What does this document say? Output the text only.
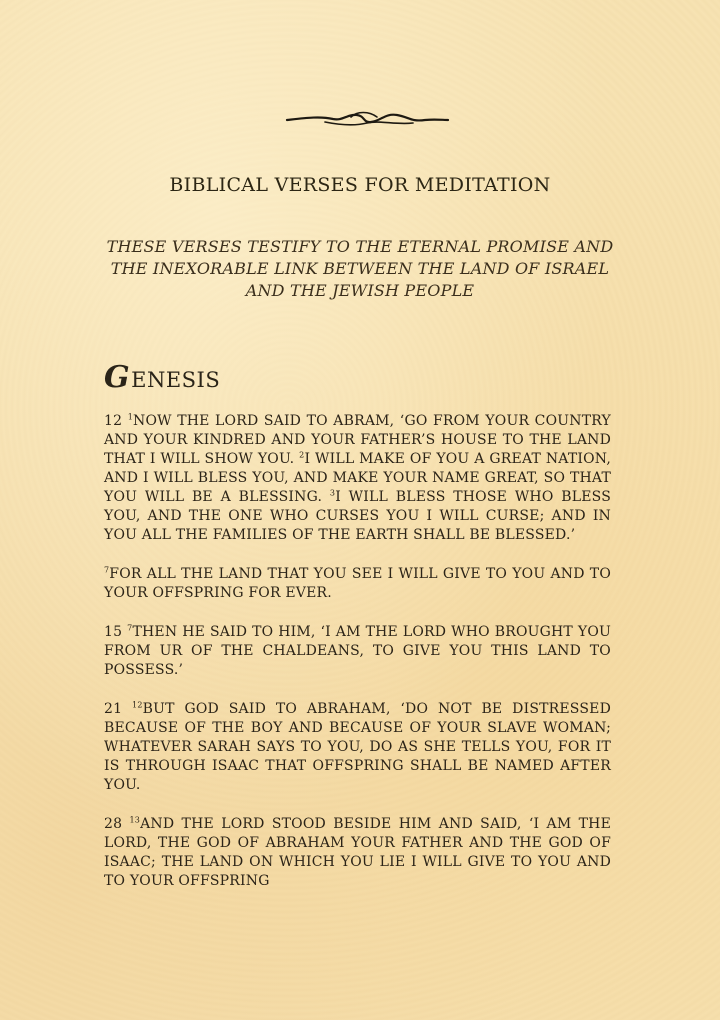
BIBLICAL VERSES FOR MEDITATION
THESE VERSES TESTIFY TO THE ETERNAL PROMISE AND THE INEXORABLE LINK BETWEEN THE LAND OF ISRAEL AND THE JEWISH PEOPLE
GENESIS

12 $^1$NOW THE LORD SAID TO ABRAM, ‘GO FROM YOUR COUNTRY AND YOUR KINDRED AND YOUR FATHER’S HOUSE TO THE LAND THAT I WILL SHOW YOU. $^2$I WILL MAKE OF YOU A GREAT NATION, AND I WILL BLESS YOU, AND MAKE YOUR NAME GREAT, SO THAT YOU WILL BE A BLESSING. $^3$I WILL BLESS THOSE WHO BLESS YOU, AND THE ONE WHO CURSES YOU I WILL CURSE; AND IN YOU ALL THE FAMILIES OF THE EARTH SHALL BE BLESSED.’

$^7$FOR ALL THE LAND THAT YOU SEE I WILL GIVE TO YOU AND TO YOUR OFFSPRING FOR EVER.

15 $^7$THEN HE SAID TO HIM, ‘I AM THE LORD WHO BROUGHT YOU FROM UR OF THE CHALDEANS, TO GIVE YOU THIS LAND TO POSSESS.’

21 $^{12}$BUT GOD SAID TO ABRAHAM, ‘DO NOT BE DISTRESSED BECAUSE OF THE BOY AND BECAUSE OF YOUR SLAVE WOMAN; WHATEVER SARAH SAYS TO YOU, DO AS SHE TELLS YOU, FOR IT IS THROUGH ISAAC THAT OFFSPRING SHALL BE NAMED AFTER YOU.

28 $^{13}$AND THE LORD STOOD BESIDE HIM AND SAID, ‘I AM THE LORD, THE GOD OF ABRAHAM YOUR FATHER AND THE GOD OF ISAAC; THE LAND ON WHICH YOU LIE I WILL GIVE TO YOU AND TO YOUR OFFSPRING
